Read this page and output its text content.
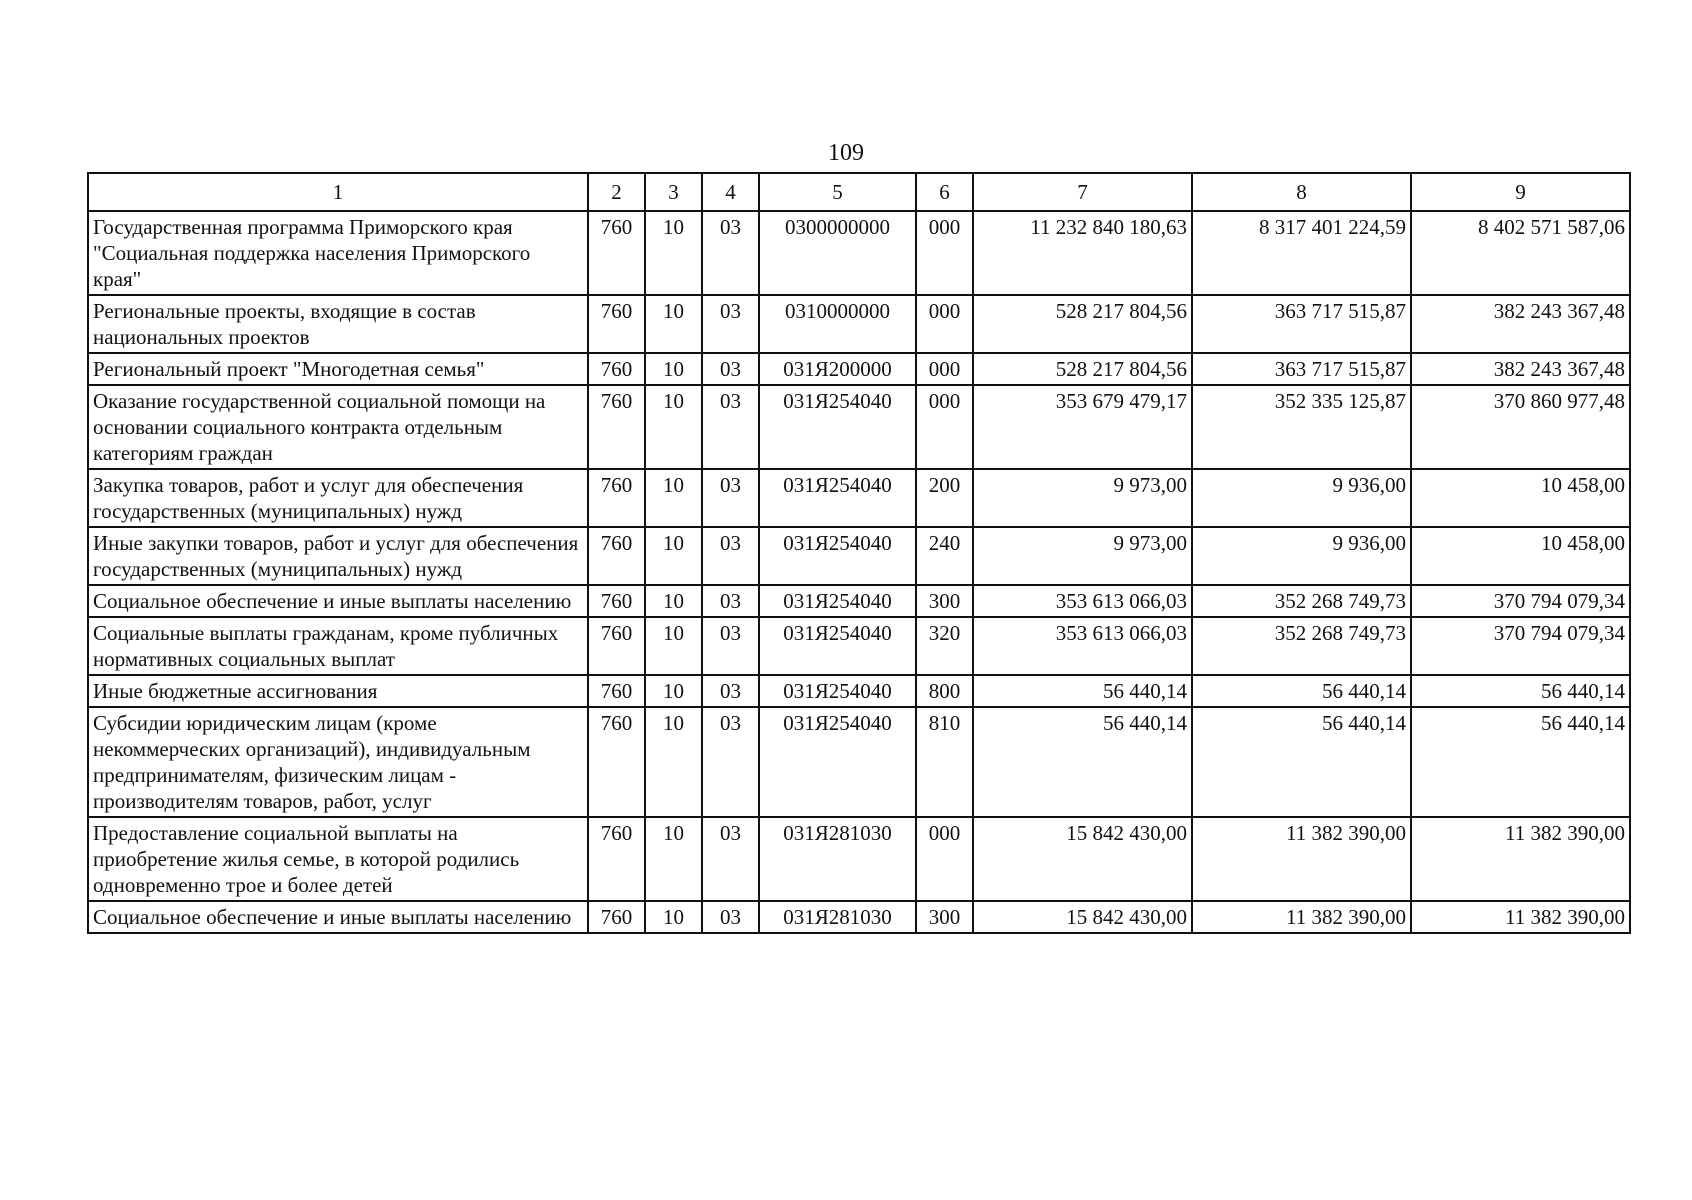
109
1	2	3	4	5	6	7	8	9
Государственная программа Приморского края "Социальная поддержка населения Приморского края"	760	10	03	0300000000	000	11 232 840 180,63	8 317 401 224,59	8 402 571 587,06
Региональные проекты, входящие в состав национальных проектов	760	10	03	0310000000	000	528 217 804,56	363 717 515,87	382 243 367,48
Региональный проект "Многодетная семья"	760	10	03	031Я200000	000	528 217 804,56	363 717 515,87	382 243 367,48
Оказание государственной социальной помощи на основании социального контракта отдельным категориям граждан	760	10	03	031Я254040	000	353 679 479,17	352 335 125,87	370 860 977,48
Закупка товаров, работ и услуг для обеспечения государственных (муниципальных) нужд	760	10	03	031Я254040	200	9 973,00	9 936,00	10 458,00
Иные закупки товаров, работ и услуг для обеспечения государственных (муниципальных) нужд	760	10	03	031Я254040	240	9 973,00	9 936,00	10 458,00
Социальное обеспечение и иные выплаты населению	760	10	03	031Я254040	300	353 613 066,03	352 268 749,73	370 794 079,34
Социальные выплаты гражданам, кроме публичных нормативных социальных выплат	760	10	03	031Я254040	320	353 613 066,03	352 268 749,73	370 794 079,34
Иные бюджетные ассигнования	760	10	03	031Я254040	800	56 440,14	56 440,14	56 440,14
Субсидии юридическим лицам (кроме некоммерческих организаций), индивидуальным предпринимателям, физическим лицам - производителям товаров, работ, услуг	760	10	03	031Я254040	810	56 440,14	56 440,14	56 440,14
Предоставление социальной выплаты на приобретение жилья семье, в которой родились одновременно трое и более детей	760	10	03	031Я281030	000	15 842 430,00	11 382 390,00	11 382 390,00
Социальное обеспечение и иные выплаты населению	760	10	03	031Я281030	300	15 842 430,00	11 382 390,00	11 382 390,00
